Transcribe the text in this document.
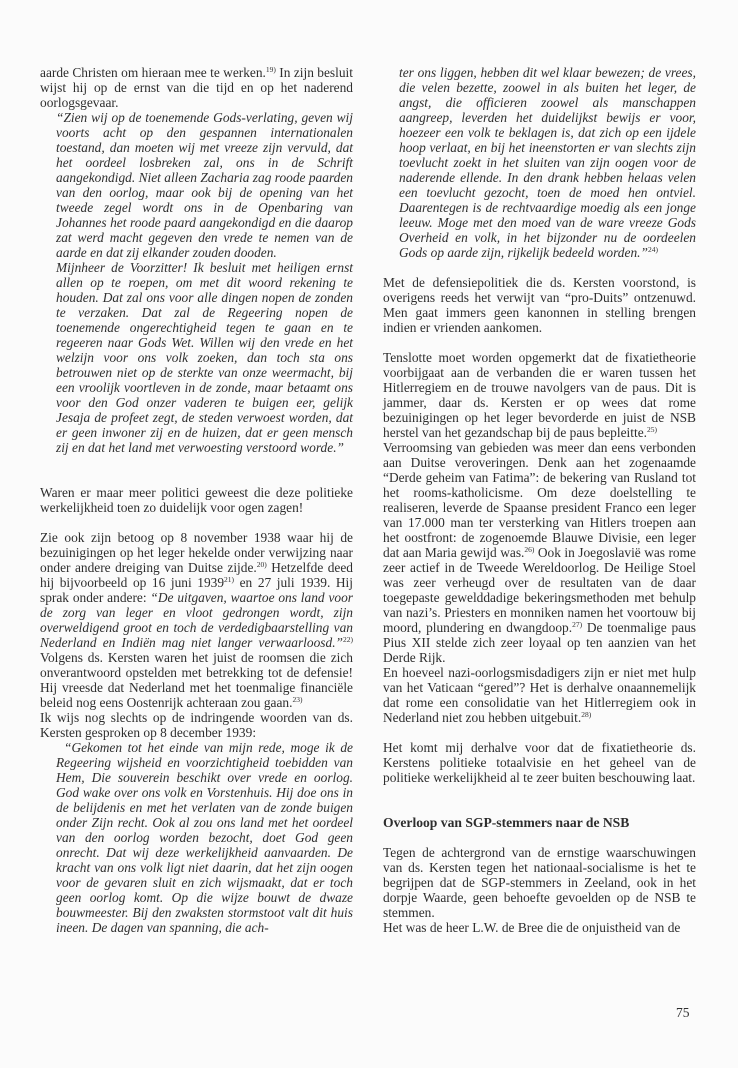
aarde Christen om hieraan mee te werken.$^{19)}$ In zijn besluit wijst hij op de ernst van die tijd en op het naderend oorlogsgevaar.

“Zien wij op de toenemende Gods-verlating, geven wij voorts acht op den gespannen internationalen toestand, dan moeten wij met vreeze zijn vervuld, dat het oordeel losbreken zal, ons in de Schrift aangekondigd. Niet alleen Zacharia zag roode paarden van den oorlog, maar ook bij de opening van het tweede zegel wordt ons in de Openbaring van Johannes het roode paard aangekondigd en die daarop zat werd macht gegeven den vrede te nemen van de aarde en dat zij elkander zouden dooden.

Mijnheer de Voorzitter! Ik besluit met heiligen ernst allen op te roepen, om met dit woord rekening te houden. Dat zal ons voor alle dingen nopen de zonden te verzaken. Dat zal de Regeering nopen de toenemende ongerechtigheid tegen te gaan en te regeeren naar Gods Wet. Willen wij den vrede en het welzijn voor ons volk zoeken, dan toch sta ons betrouwen niet op de sterkte van onze weermacht, bij een vroolijk voortleven in de zonde, maar betaamt ons voor den God onzer vaderen te buigen eer, gelijk Jesaja de profeet zegt, de steden verwoest worden, dat er geen inwoner zij en de huizen, dat er geen mensch zij en dat het land met verwoesting verstoord worde.”

Waren er maar meer politici geweest die deze politieke werkelijkheid toen zo duidelijk voor ogen zagen!

Zie ook zijn betoog op 8 november 1938 waar hij de bezuinigingen op het leger hekelde onder verwijzing naar onder andere dreiging van Duitse zijde.$^{20)}$ Hetzelfde deed hij bijvoorbeeld op 16 juni 1939$^{21)}$ en 27 juli 1939. Hij sprak onder andere: “De uitgaven, waartoe ons land voor de zorg van leger en vloot gedrongen wordt, zijn overweldigend groot en toch de verdedigbaarstelling van Nederland en Indiën mag niet langer verwaarloosd.”$^{22)}$ Volgens ds. Kersten waren het juist de roomsen die zich onverantwoord opstelden met betrekking tot de defensie! Hij vreesde dat Nederland met het toenmalige financiële beleid nog eens Oostenrijk achteraan zou gaan.$^{23)}$

Ik wijs nog slechts op de indringende woorden van ds. Kersten gesproken op 8 december 1939:

“Gekomen tot het einde van mijn rede, moge ik de Regeering wijsheid en voorzichtigheid toebidden van Hem, Die souverein beschikt over vrede en oorlog. God wake over ons volk en Vorstenhuis. Hij doe ons in de belijdenis en met het verlaten van de zonde buigen onder Zijn recht. Ook al zou ons land met het oordeel van den oorlog worden bezocht, doet God geen onrecht. Dat wij deze werkelijkheid aanvaarden. De kracht van ons volk ligt niet daarin, dat het zijn oogen voor de gevaren sluit en zich wijsmaakt, dat er toch geen oorlog komt. Op die wijze bouwt de dwaze bouwmeester. Bij den zwaksten stormstoot valt dit huis ineen. De dagen van spanning, die ach-

ter ons liggen, hebben dit wel klaar bewezen; de vrees, die velen bezette, zoowel in als buiten het leger, de angst, die officieren zoowel als manschappen aangreep, leverden het duidelijkst bewijs er voor, hoezeer een volk te beklagen is, dat zich op een ijdele hoop verlaat, en bij het ineenstorten er van slechts zijn toevlucht zoekt in het sluiten van zijn oogen voor de naderende ellende. In den drank hebben helaas velen een toevlucht gezocht, toen de moed hen ontviel. Daarentegen is de rechtvaardige moedig als een jonge leeuw. Moge met den moed van de ware vreeze Gods Overheid en volk, in het bijzonder nu de oordeelen Gods op aarde zijn, rijkelijk bedeeld worden.”$^{24)}$

Met de defensiepolitiek die ds. Kersten voorstond, is overigens reeds het verwijt van “pro-Duits” ontzenuwd. Men gaat immers geen kanonnen in stelling brengen indien er vrienden aankomen.

Tenslotte moet worden opgemerkt dat de fixatietheorie voorbijgaat aan de verbanden die er waren tussen het Hitlerregiem en de trouwe navolgers van de paus. Dit is jammer, daar ds. Kersten er op wees dat rome bezuinigingen op het leger bevorderde en juist de NSB herstel van het gezandschap bij de paus bepleitte.$^{25)}$

Verroomsing van gebieden was meer dan eens verbonden aan Duitse veroveringen. Denk aan het zogenaamde “Derde geheim van Fatima”: de bekering van Rusland tot het rooms-katholicisme. Om deze doelstelling te realiseren, leverde de Spaanse president Franco een leger van 17.000 man ter versterking van Hitlers troepen aan het oostfront: de zogenoemde Blauwe Divisie, een leger dat aan Maria gewijd was.$^{26)}$ Ook in Joegoslavië was rome zeer actief in de Tweede Wereldoorlog. De Heilige Stoel was zeer verheugd over de resultaten van de daar toegepaste gewelddadige bekeringsmethoden met behulp van nazi’s. Priesters en monniken namen het voortouw bij moord, plundering en dwangdoop.$^{27)}$ De toenmalige paus Pius XII stelde zich zeer loyaal op ten aanzien van het Derde Rijk.

En hoeveel nazi-oorlogsmisdadigers zijn er niet met hulp van het Vaticaan “gered”? Het is derhalve onaannemelijk dat rome een consolidatie van het Hitlerregiem ook in Nederland niet zou hebben uitgebuit.$^{28)}$

Het komt mij derhalve voor dat de fixatietheorie ds. Kerstens politieke totaalvisie en het geheel van de politieke werkelijkheid al te zeer buiten beschouwing laat.

Overloop van SGP-stemmers naar de NSB

Tegen de achtergrond van de ernstige waarschuwingen van ds. Kersten tegen het nationaal-socialisme is het te begrijpen dat de SGP-stemmers in Zeeland, ook in het dorpje Waarde, geen behoefte gevoelden op de NSB te stemmen.

Het was de heer L.W. de Bree die de onjuistheid van de

75
